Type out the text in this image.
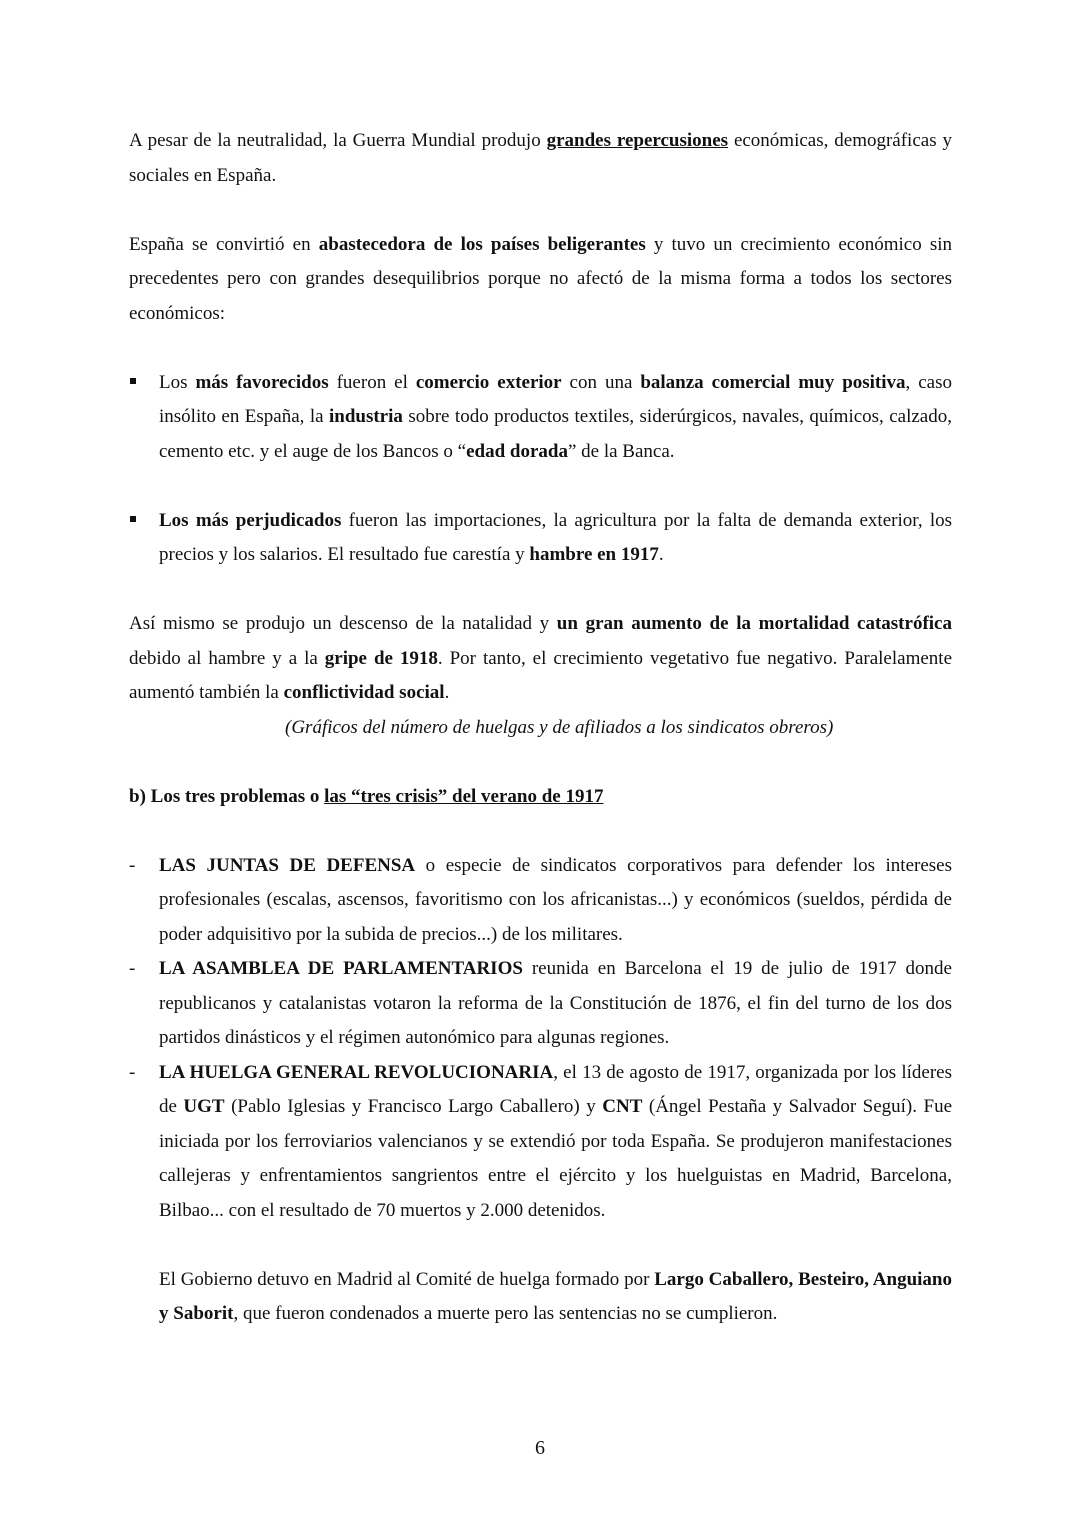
A pesar de la neutralidad, la Guerra Mundial produjo grandes repercusiones económicas, demográficas y sociales en España.
España se convirtió en abastecedora de los países beligerantes y tuvo un crecimiento económico sin precedentes pero con grandes desequilibrios porque no afectó de la misma forma a todos los sectores económicos:
Los más favorecidos fueron el comercio exterior con una balanza comercial muy positiva, caso insólito en España, la industria sobre todo productos textiles, siderúrgicos, navales, químicos, calzado, cemento etc. y el auge de los Bancos o “edad dorada” de la Banca.
Los más perjudicados fueron las importaciones, la agricultura por la falta de demanda exterior, los precios y los salarios. El resultado fue carestía y hambre en 1917.
Así mismo se produjo un descenso de la natalidad y un gran aumento de la mortalidad catastrófica debido al hambre y a la gripe de 1918. Por tanto, el crecimiento vegetativo fue negativo. Paralelamente aumentó también la conflictividad social.
(Gráficos del número de huelgas y de afiliados a los sindicatos obreros)
b) Los tres problemas o las “tres crisis” del verano de 1917
- LAS JUNTAS DE DEFENSA o especie de sindicatos corporativos para defender los intereses profesionales (escalas, ascensos, favoritismo con los africanistas...) y económicos (sueldos, pérdida de poder adquisitivo por la subida de precios...) de los militares.
- LA ASAMBLEA DE PARLAMENTARIOS reunida en Barcelona el 19 de julio de 1917 donde republicanos y catalanistas votaron la reforma de la Constitución de 1876, el fin del turno de los dos partidos dinásticos y el régimen autonómico para algunas regiones.
- LA HUELGA GENERAL REVOLUCIONARIA, el 13 de agosto de 1917, organizada por los líderes de UGT (Pablo Iglesias y Francisco Largo Caballero) y CNT (Ángel Pestaña y Salvador Seguí). Fue iniciada por los ferroviarios valencianos y se extendió por toda España. Se produjeron manifestaciones callejeras y enfrentamientos sangrientos entre el ejército y los huelguistas en Madrid, Barcelona, Bilbao... con el resultado de 70 muertos y 2.000 detenidos.
El Gobierno detuvo en Madrid al Comité de huelga formado por Largo Caballero, Besteiro, Anguiano y Saborit, que fueron condenados a muerte pero las sentencias no se cumplieron.
6
